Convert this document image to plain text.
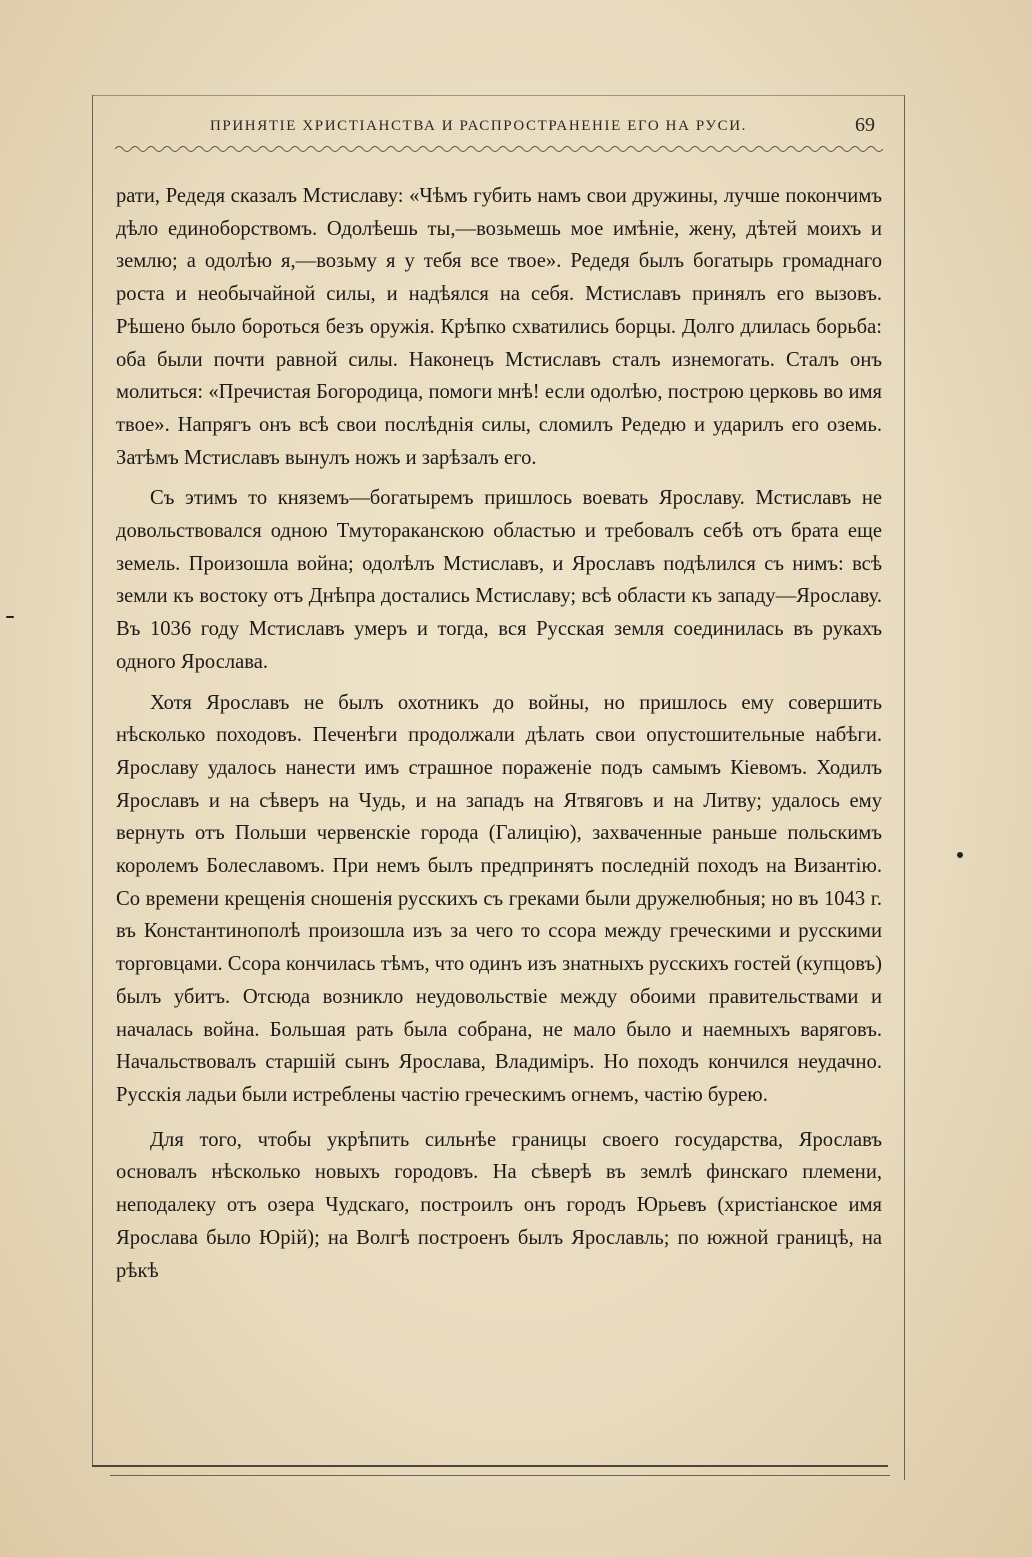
ПРИНЯТІЕ ХРИСТІАНСТВА И РАСПРОСТРАНЕНІЕ ЕГО НА РУСИ.	69

рати, Редедя сказалъ Мстиславу: «Чѣмъ губить намъ свои дружины, лучше покончимъ дѣло единоборствомъ. Одолѣешь ты,—возьмешь мое имѣніе, жену, дѣтей моихъ и землю; а одолѣю я,—возьму я у тебя все твое». Редедя былъ богатырь громаднаго роста и необычайной силы, и надѣялся на себя. Мстиславъ принялъ его вызовъ. Рѣшено было бороться безъ оружія. Крѣпко схватились борцы. Долго длилась борьба: оба были почти равной силы. Наконецъ Мстиславъ сталъ изнемогать. Сталъ онъ молиться: «Пречистая Богородица, помоги мнѣ! если одолѣю, построю церковь во имя твое». Напрягъ онъ всѣ свои послѣднія силы, сломилъ Редедю и ударилъ его оземь. Затѣмъ Мстиславъ вынулъ ножъ и зарѣзалъ его.

Съ этимъ то княземъ—богатыремъ пришлось воевать Ярославу. Мстиславъ не довольствовался одною Тмутораканскою областью и требовалъ себѣ отъ брата еще земель. Произошла война; одолѣлъ Мстиславъ, и Ярославъ подѣлился съ нимъ: всѣ земли къ востоку отъ Днѣпра достались Мстиславу; всѣ области къ западу—Ярославу. Въ 1036 году Мстиславъ умеръ и тогда, вся Русская земля соединилась въ рукахъ одного Ярослава.

Хотя Ярославъ не былъ охотникъ до войны, но пришлось ему совершить нѣсколько походовъ. Печенѣги продолжали дѣлать свои опустошительные набѣги. Ярославу удалось нанести имъ страшное пораженіе подъ самымъ Кіевомъ. Ходилъ Ярославъ и на сѣверъ на Чудь, и на западъ на Ятвяговъ и на Литву; удалось ему вернуть отъ Польши червенскіе города (Галицію), захваченные раньше польскимъ королемъ Болеславомъ. При немъ былъ предпринятъ последній походъ на Византію. Со времени крещенія сношенія русскихъ съ греками были дружелюбныя; но въ 1043 г. въ Константинополѣ произошла изъ за чего то ссора между греческими и русскими торговцами. Ссора кончилась тѣмъ, что одинъ изъ знатныхъ русскихъ гостей (купцовъ) былъ убитъ. Отсюда возникло неудовольствіе между обоими правительствами и началась война. Большая рать была собрана, не мало было и наемныхъ варяговъ. Начальствовалъ старшій сынъ Ярослава, Владиміръ. Но походъ кончился неудачно. Русскія ладьи были истреблены частію греческимъ огнемъ, частію бурею.

Для того, чтобы укрѣпить сильнѣе границы своего государства, Ярославъ основалъ нѣсколько новыхъ городовъ. На сѣверѣ въ землѣ финскаго племени, неподалеку отъ озера Чудскаго, построилъ онъ городъ Юрьевъ (христіанское имя Ярослава было Юрій); на Волгѣ построенъ былъ Ярославль; по южной границѣ, на рѣкѣ
